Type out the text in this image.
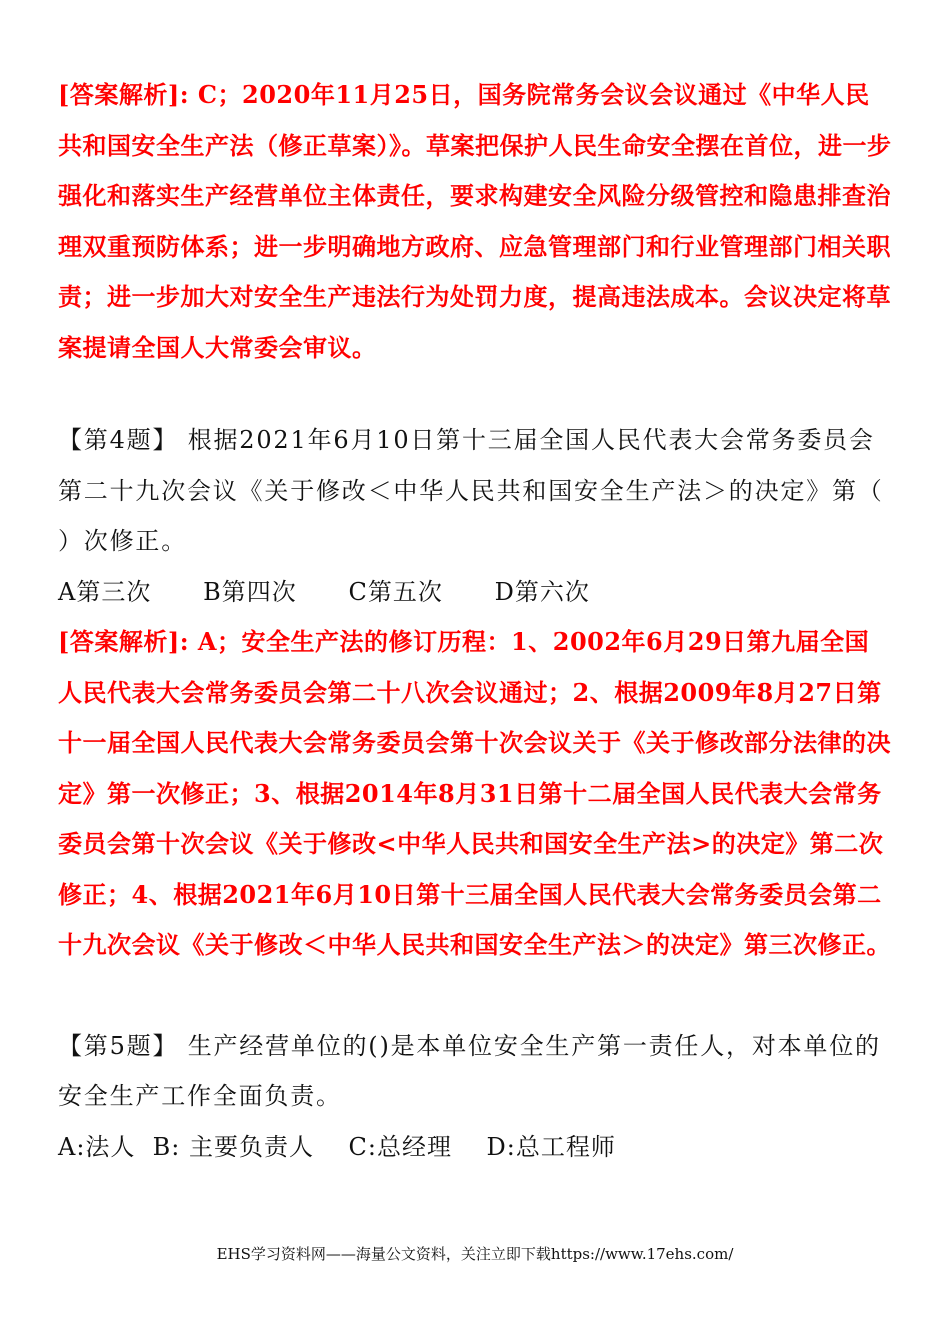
[答案解析]: C；2020年11月25日，国务院常务会议会议通过《中华人民共和国安全生产法（修正草案）》。草案把保护人民生命安全摆在首位，进一步强化和落实生产经营单位主体责任，要求构建安全风险分级管控和隐患排查治理双重预防体系；进一步明确地方政府、应急管理部门和行业管理部门相关职责；进一步加大对安全生产违法行为处罚力度，提高违法成本。会议决定将草案提请全国人大常委会审议。

【第4题】 根据2021年6月10日第十三届全国人民代表大会常务委员会第二十九次会议《关于修改＜中华人民共和国安全生产法＞的决定》第（ ）次修正。

A第三次      B第四次      C第五次      D第六次

[答案解析]: A；安全生产法的修订历程：1、2002年6月29日第九届全国人民代表大会常务委员会第二十八次会议通过；2、根据2009年8月27日第十一届全国人民代表大会常务委员会第十次会议关于《关于修改部分法律的决定》第一次修正；3、根据2014年8月31日第十二届全国人民代表大会常务委员会第十次会议《关于修改<中华人民共和国安全生产法>的决定》第二次修正；4、根据2021年6月10日第十三届全国人民代表大会常务委员会第二十九次会议《关于修改＜中华人民共和国安全生产法＞的决定》第三次修正。

【第5题】 生产经营单位的()是本单位安全生产第一责任人，对本单位的安全生产工作全面负责。

A:法人  B: 主要负责人    C:总经理    D:总工程师

EHS学习资料网——海量公文资料，关注立即下载https://www.17ehs.com/
